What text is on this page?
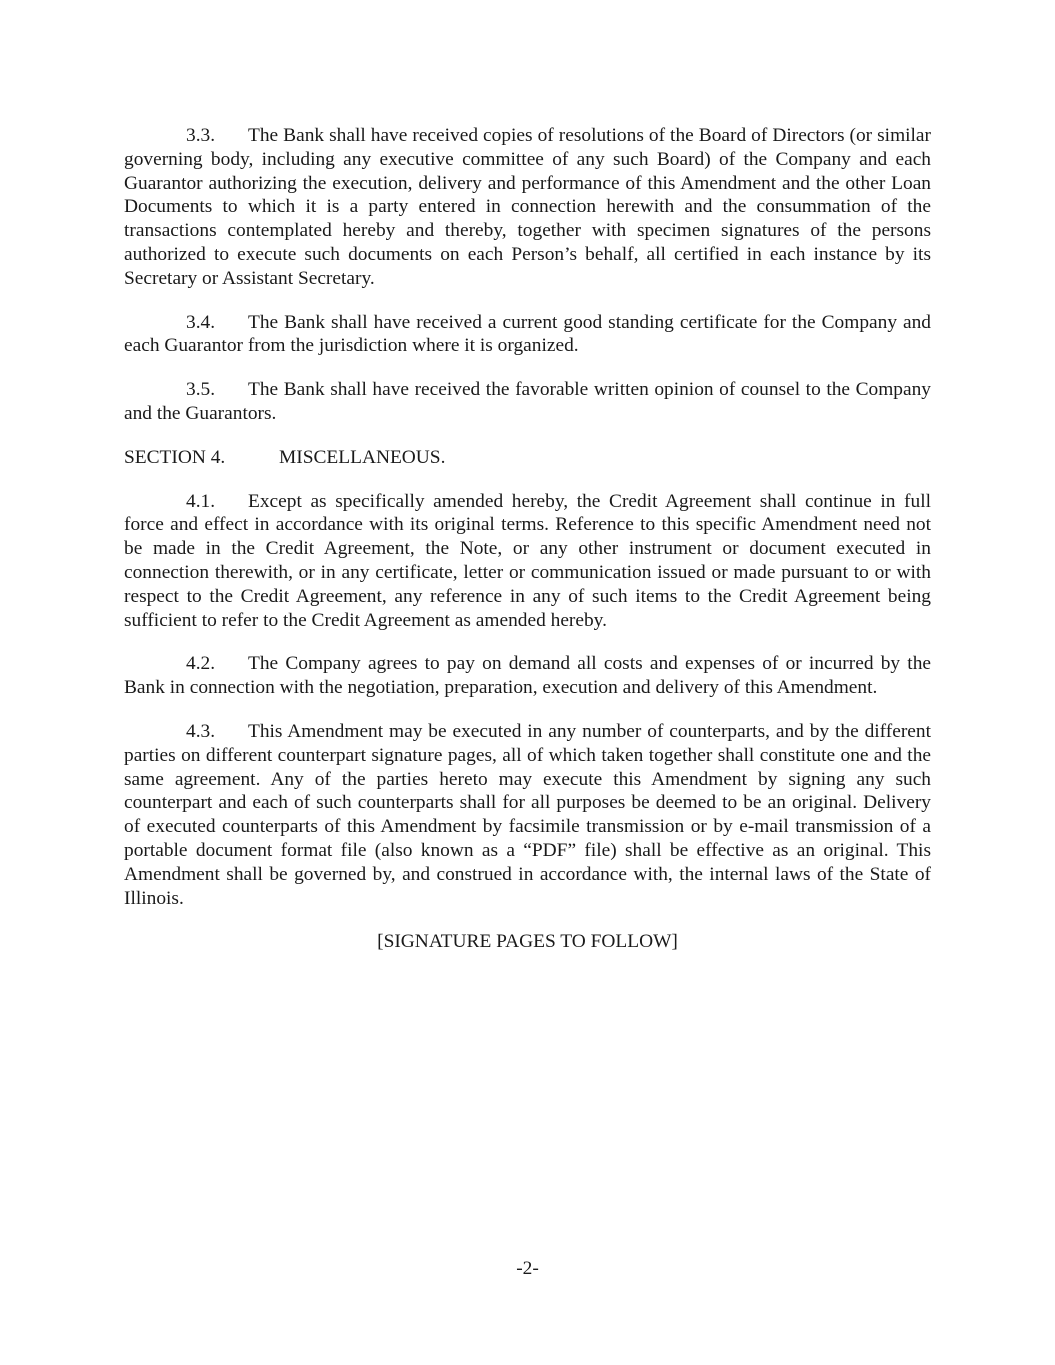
3.3. The Bank shall have received copies of resolutions of the Board of Directors (or similar governing body, including any executive committee of any such Board) of the Company and each Guarantor authorizing the execution, delivery and performance of this Amendment and the other Loan Documents to which it is a party entered in connection herewith and the consummation of the transactions contemplated hereby and thereby, together with specimen signatures of the persons authorized to execute such documents on each Person’s behalf, all certified in each instance by its Secretary or Assistant Secretary.

3.4. The Bank shall have received a current good standing certificate for the Company and each Guarantor from the jurisdiction where it is organized.

3.5. The Bank shall have received the favorable written opinion of counsel to the Company and the Guarantors.

SECTION 4.	MISCELLANEOUS.

4.1. Except as specifically amended hereby, the Credit Agreement shall continue in full force and effect in accordance with its original terms. Reference to this specific Amendment need not be made in the Credit Agreement, the Note, or any other instrument or document executed in connection therewith, or in any certificate, letter or communication issued or made pursuant to or with respect to the Credit Agreement, any reference in any of such items to the Credit Agreement being sufficient to refer to the Credit Agreement as amended hereby.

4.2. The Company agrees to pay on demand all costs and expenses of or incurred by the Bank in connection with the negotiation, preparation, execution and delivery of this Amendment.

4.3. This Amendment may be executed in any number of counterparts, and by the different parties on different counterpart signature pages, all of which taken together shall constitute one and the same agreement. Any of the parties hereto may execute this Amendment by signing any such counterpart and each of such counterparts shall for all purposes be deemed to be an original. Delivery of executed counterparts of this Amendment by facsimile transmission or by e-mail transmission of a portable document format file (also known as a “PDF” file) shall be effective as an original. This Amendment shall be governed by, and construed in accordance with, the internal laws of the State of Illinois.

[SIGNATURE PAGES TO FOLLOW]

-2-
